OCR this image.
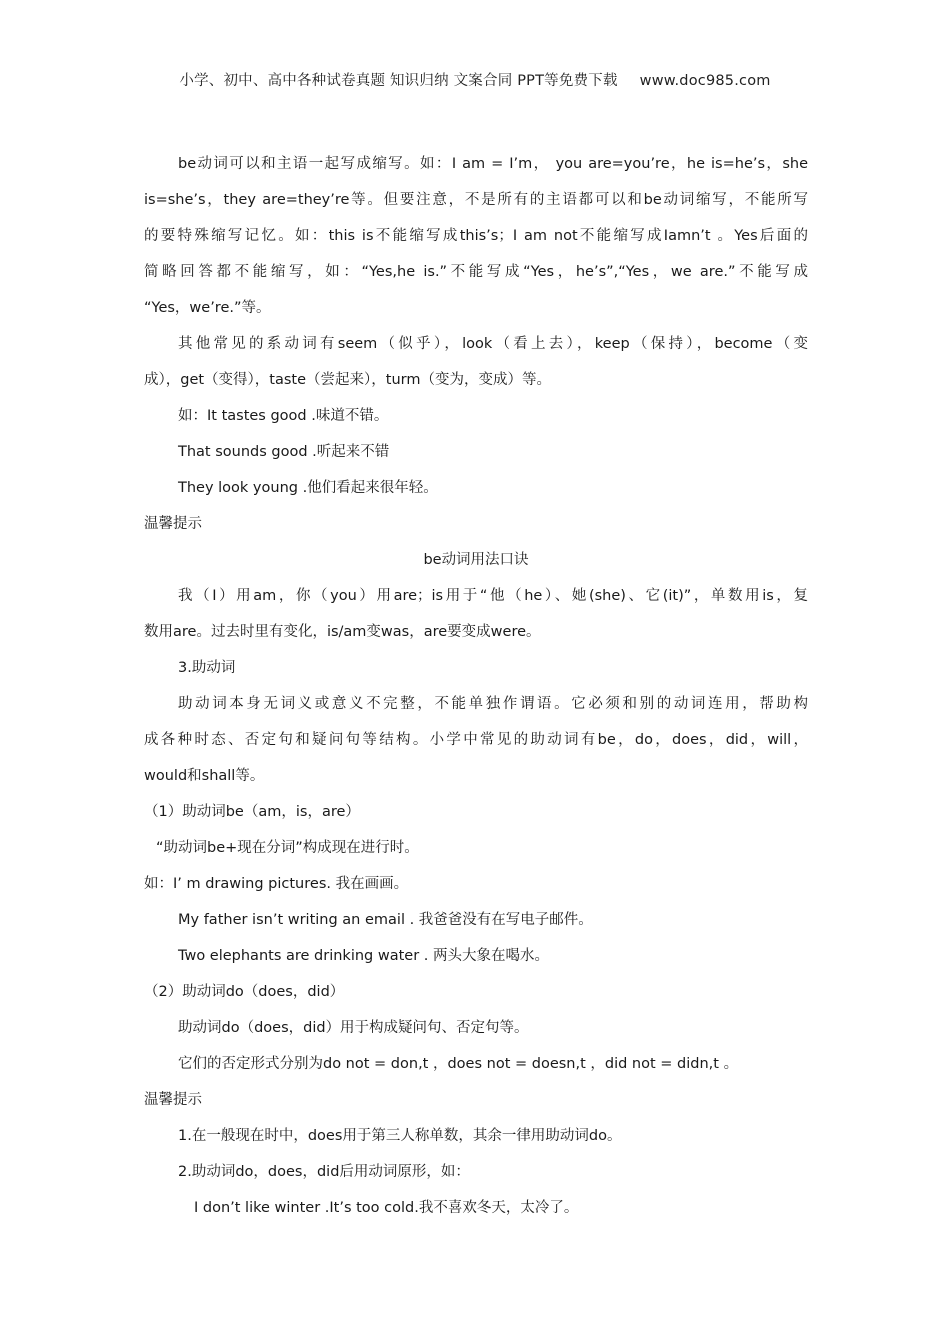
小学、初中、高中各种试卷真题 知识归纳 文案合同 PPT等免费下载 www.doc985.com
be动词可以和主语一起写成缩写。如：I am = I’m， you are=you’re，he is=he’s，she
is=she’s，they are=they’re等。但要注意，不是所有的主语都可以和be动词缩写，不能所写
的要特殊缩写记忆。如：this is不能缩写成this’s；I am not不能缩写成Iamn’t 。Yes后面的
简略回答都不能缩写，如：“Yes,he is.”不能写成“Yes，he’s”,“Yes，we are.”不能写成
“Yes，we’re.”等。
其他常见的系动词有seem（似乎），look（看上去），keep（保持），become（变
成），get（变得），taste（尝起来），turm（变为，变成）等。
如：It tastes good .味道不错。
That sounds good .听起来不错
They look young .他们看起来很年轻。
温馨提示
be动词用法口诀
我（I）用am，你（you）用are；is用于“他（he）、她(she)、它(it)”，单数用is，复
数用are。过去时里有变化，is/am变was，are要变成were。
3.助动词
助动词本身无词义或意义不完整，不能单独作谓语。它必须和别的动词连用，帮助构
成各种时态、否定句和疑问句等结构。小学中常见的助动词有be，do，does，did，will，
would和shall等。
（1）助动词be（am，is，are）
“助动词be+现在分词”构成现在进行时。
如：I’ m drawing pictures. 我在画画。
My father isn’t writing an email . 我爸爸没有在写电子邮件。
Two elephants are drinking water . 两头大象在喝水。
（2）助动词do（does，did）
助动词do（does，did）用于构成疑问句、否定句等。
它们的否定形式分别为do not = don,t ，does not = doesn,t ，did not = didn,t 。
温馨提示
1.在一般现在时中，does用于第三人称单数，其余一律用助动词do。
2.助动词do，does，did后用动词原形，如：
I don’t like winter .It’s too cold.我不喜欢冬天，太冷了。
